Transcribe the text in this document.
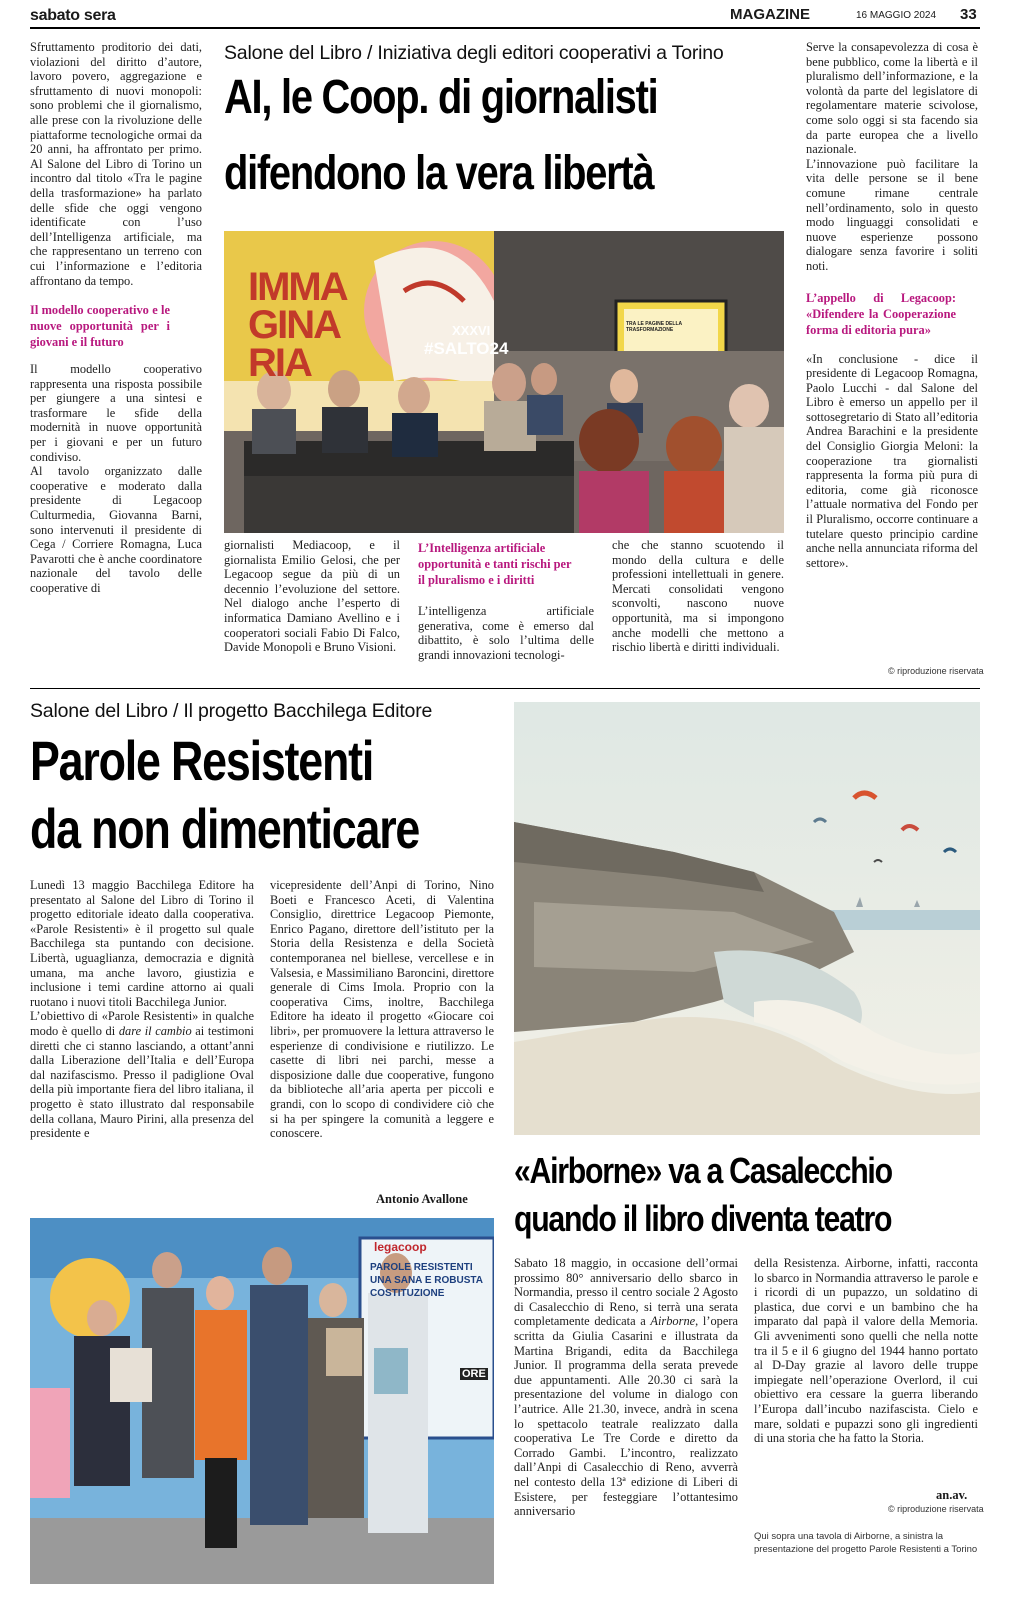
sabato sera	MAGAZINE	16 MAGGIO 2024 33

Sfruttamento proditorio dei dati, violazioni del diritto d’autore, lavoro povero, aggregazione e sfruttamento di nuovi monopoli: sono problemi che il giornalismo, alle prese con la rivoluzione delle piattaforme tecnologiche ormai da 20 anni, ha affrontato per primo. Al Salone del Libro di Torino un incontro dal titolo «Tra le pagine della trasformazione» ha parlato delle sfide che oggi vengono identificate con l’uso dell’Intelligenza artificiale, ma che rappresentano un terreno con cui l’informazione e l’editoria affrontano da tempo.

Il modello cooperativo e le nuove opportunità per i giovani e il futuro

Il modello cooperativo rappresenta una risposta possibile per giungere a una sintesi e trasformare le sfide della modernità in nuove opportunità per i giovani e per un futuro condiviso.

Al tavolo organizzato dalle cooperative e moderato dalla presidente di Legacoop Culturmedia, Giovanna Barni, sono intervenuti il presidente di Cega / Corriere Romagna, Luca Pavarotti che è anche coordinatore nazionale del tavolo delle cooperative di

Salone del Libro / Iniziativa degli editori cooperativi a Torino
AI, le Coop. di giornalisti
difendono la vera libertà
IMMA
GINA
RIA
XXXVI
#SALTO24
TRA LE PAGINE DELLA TRASFORMAZIONE

giornalisti Mediacoop, e il giornalista Emilio Gelosi, che per Legacoop segue da più di un decennio l’evoluzione del settore. Nel dialogo anche l’esperto di informatica Damiano Avellino e i cooperatori sociali Fabio Di Falco, Davide Monopoli e Bruno Visioni.

L’Intelligenza artificiale opportunità e tanti rischi per il pluralismo e i diritti

L’intelligenza artificiale generativa, come è emerso dal dibattito, è solo l’ultima delle grandi innovazioni tecnologi-

che che stanno scuotendo il mondo della cultura e delle professioni intellettuali in genere. Mercati consolidati vengono sconvolti, nascono nuove opportunità, ma si impongono anche modelli che mettono a rischio libertà e diritti individuali.

Serve la consapevolezza di cosa è bene pubblico, come la libertà e il pluralismo dell’informazione, e la volontà da parte del legislatore di regolamentare materie scivolose, come solo oggi si sta facendo sia da parte europea che a livello nazionale.

L’innovazione può facilitare la vita delle persone se il bene comune rimane centrale nell’ordinamento, solo in questo modo linguaggi consolidati e nuove esperienze possono dialogare senza favorire i soliti noti.

L’appello di Legacoop: «Difendere la Cooperazione forma di editoria pura»

«In conclusione - dice il presidente di Legacoop Romagna, Paolo Lucchi - dal Salone del Libro è emerso un appello per il sottosegretario di Stato all’editoria Andrea Barachini e la presidente del Consiglio Giorgia Meloni: la cooperazione tra giornalisti rappresenta la forma più pura di editoria, come già riconosce l’attuale normativa del Fondo per il Pluralismo, occorre continuare a tutelare questo principio cardine anche nella annunciata riforma del settore».

© riproduzione riservata
Salone del Libro / Il progetto Bacchilega Editore
Parole Resistenti
da non dimenticare

Lunedì 13 maggio Bacchilega Editore ha presentato al Salone del Libro di Torino il progetto editoriale ideato dalla cooperativa. «Parole Resistenti» è il progetto sul quale Bacchilega sta puntando con decisione. Libertà, uguaglianza, democrazia e dignità umana, ma anche lavoro, giustizia e inclusione i temi cardine attorno ai quali ruotano i nuovi titoli Bacchilega Junior.

L’obiettivo di «Parole Resistenti» in qualche modo è quello di dare il cambio ai testimoni diretti che ci stanno lasciando, a ottant’anni dalla Liberazione dell’Italia e dell’Europa dal nazifascismo. Presso il padiglione Oval della più importante fiera del libro italiana, il progetto è stato illustrato dal responsabile della collana, Mauro Pirini, alla presenza del presidente e

vicepresidente dell’Anpi di Torino, Nino Boeti e Francesco Aceti, di Valentina Consiglio, direttrice Legacoop Piemonte, Enrico Pagano, direttore dell’istituto per la Storia della Resistenza e della Società contemporanea nel biellese, vercellese e in Valsesia, e Massimiliano Baroncini, direttore generale di Cims Imola. Proprio con la cooperativa Cims, inoltre, Bacchilega Editore ha ideato il progetto «Giocare coi libri», per promuovere la lettura attraverso le esperienze di condivisione e riutilizzo. Le casette di libri nei parchi, messe a disposizione dalle due cooperative, fungono da biblioteche all’aria aperta per piccoli e grandi, con lo scopo di condividere ciò che si ha per spingere la comunità a leggere e conoscere.

Antonio Avallone
legacoop
PAROLE RESISTENTI
UNA SANA E ROBUSTA
COSTITUZIONE
ORE
«Airborne» va a Casalecchio
quando il libro diventa teatro

Sabato 18 maggio, in occasione dell’ormai prossimo 80° anniversario dello sbarco in Normandia, presso il centro sociale 2 Agosto di Casalecchio di Reno, si terrà una serata completamente dedicata a Airborne, l’opera scritta da Giulia Casarini e illustrata da Martina Brigandi, edita da Bacchilega Junior. Il programma della serata prevede due appuntamenti. Alle 20.30 ci sarà la presentazione del volume in dialogo con l’autrice. Alle 21.30, invece, andrà in scena lo spettacolo teatrale realizzato dalla cooperativa Le Tre Corde e diretto da Corrado Gambi. L’incontro, realizzato dall’Anpi di Casalecchio di Reno, avverrà nel contesto della 13ª edizione di Liberi di Esistere, per festeggiare l’ottantesimo anniversario

della Resistenza. Airborne, infatti, racconta lo sbarco in Normandia attraverso le parole e i ricordi di un pupazzo, un soldatino di plastica, due corvi e un bambino che ha imparato dal papà il valore della Memoria. Gli avvenimenti sono quelli che nella notte tra il 5 e il 6 giugno del 1944 hanno portato al D-Day grazie al lavoro delle truppe impiegate nell’operazione Overlord, il cui obiettivo era cessare la guerra liberando l’Europa dall’incubo nazifascista. Cielo e mare, soldati e pupazzi sono gli ingredienti di una storia che ha fatto la Storia.

an.av.
© riproduzione riservata
Qui sopra una tavola di Airborne, a sinistra la presentazione del progetto Parole Resistenti a Torino
